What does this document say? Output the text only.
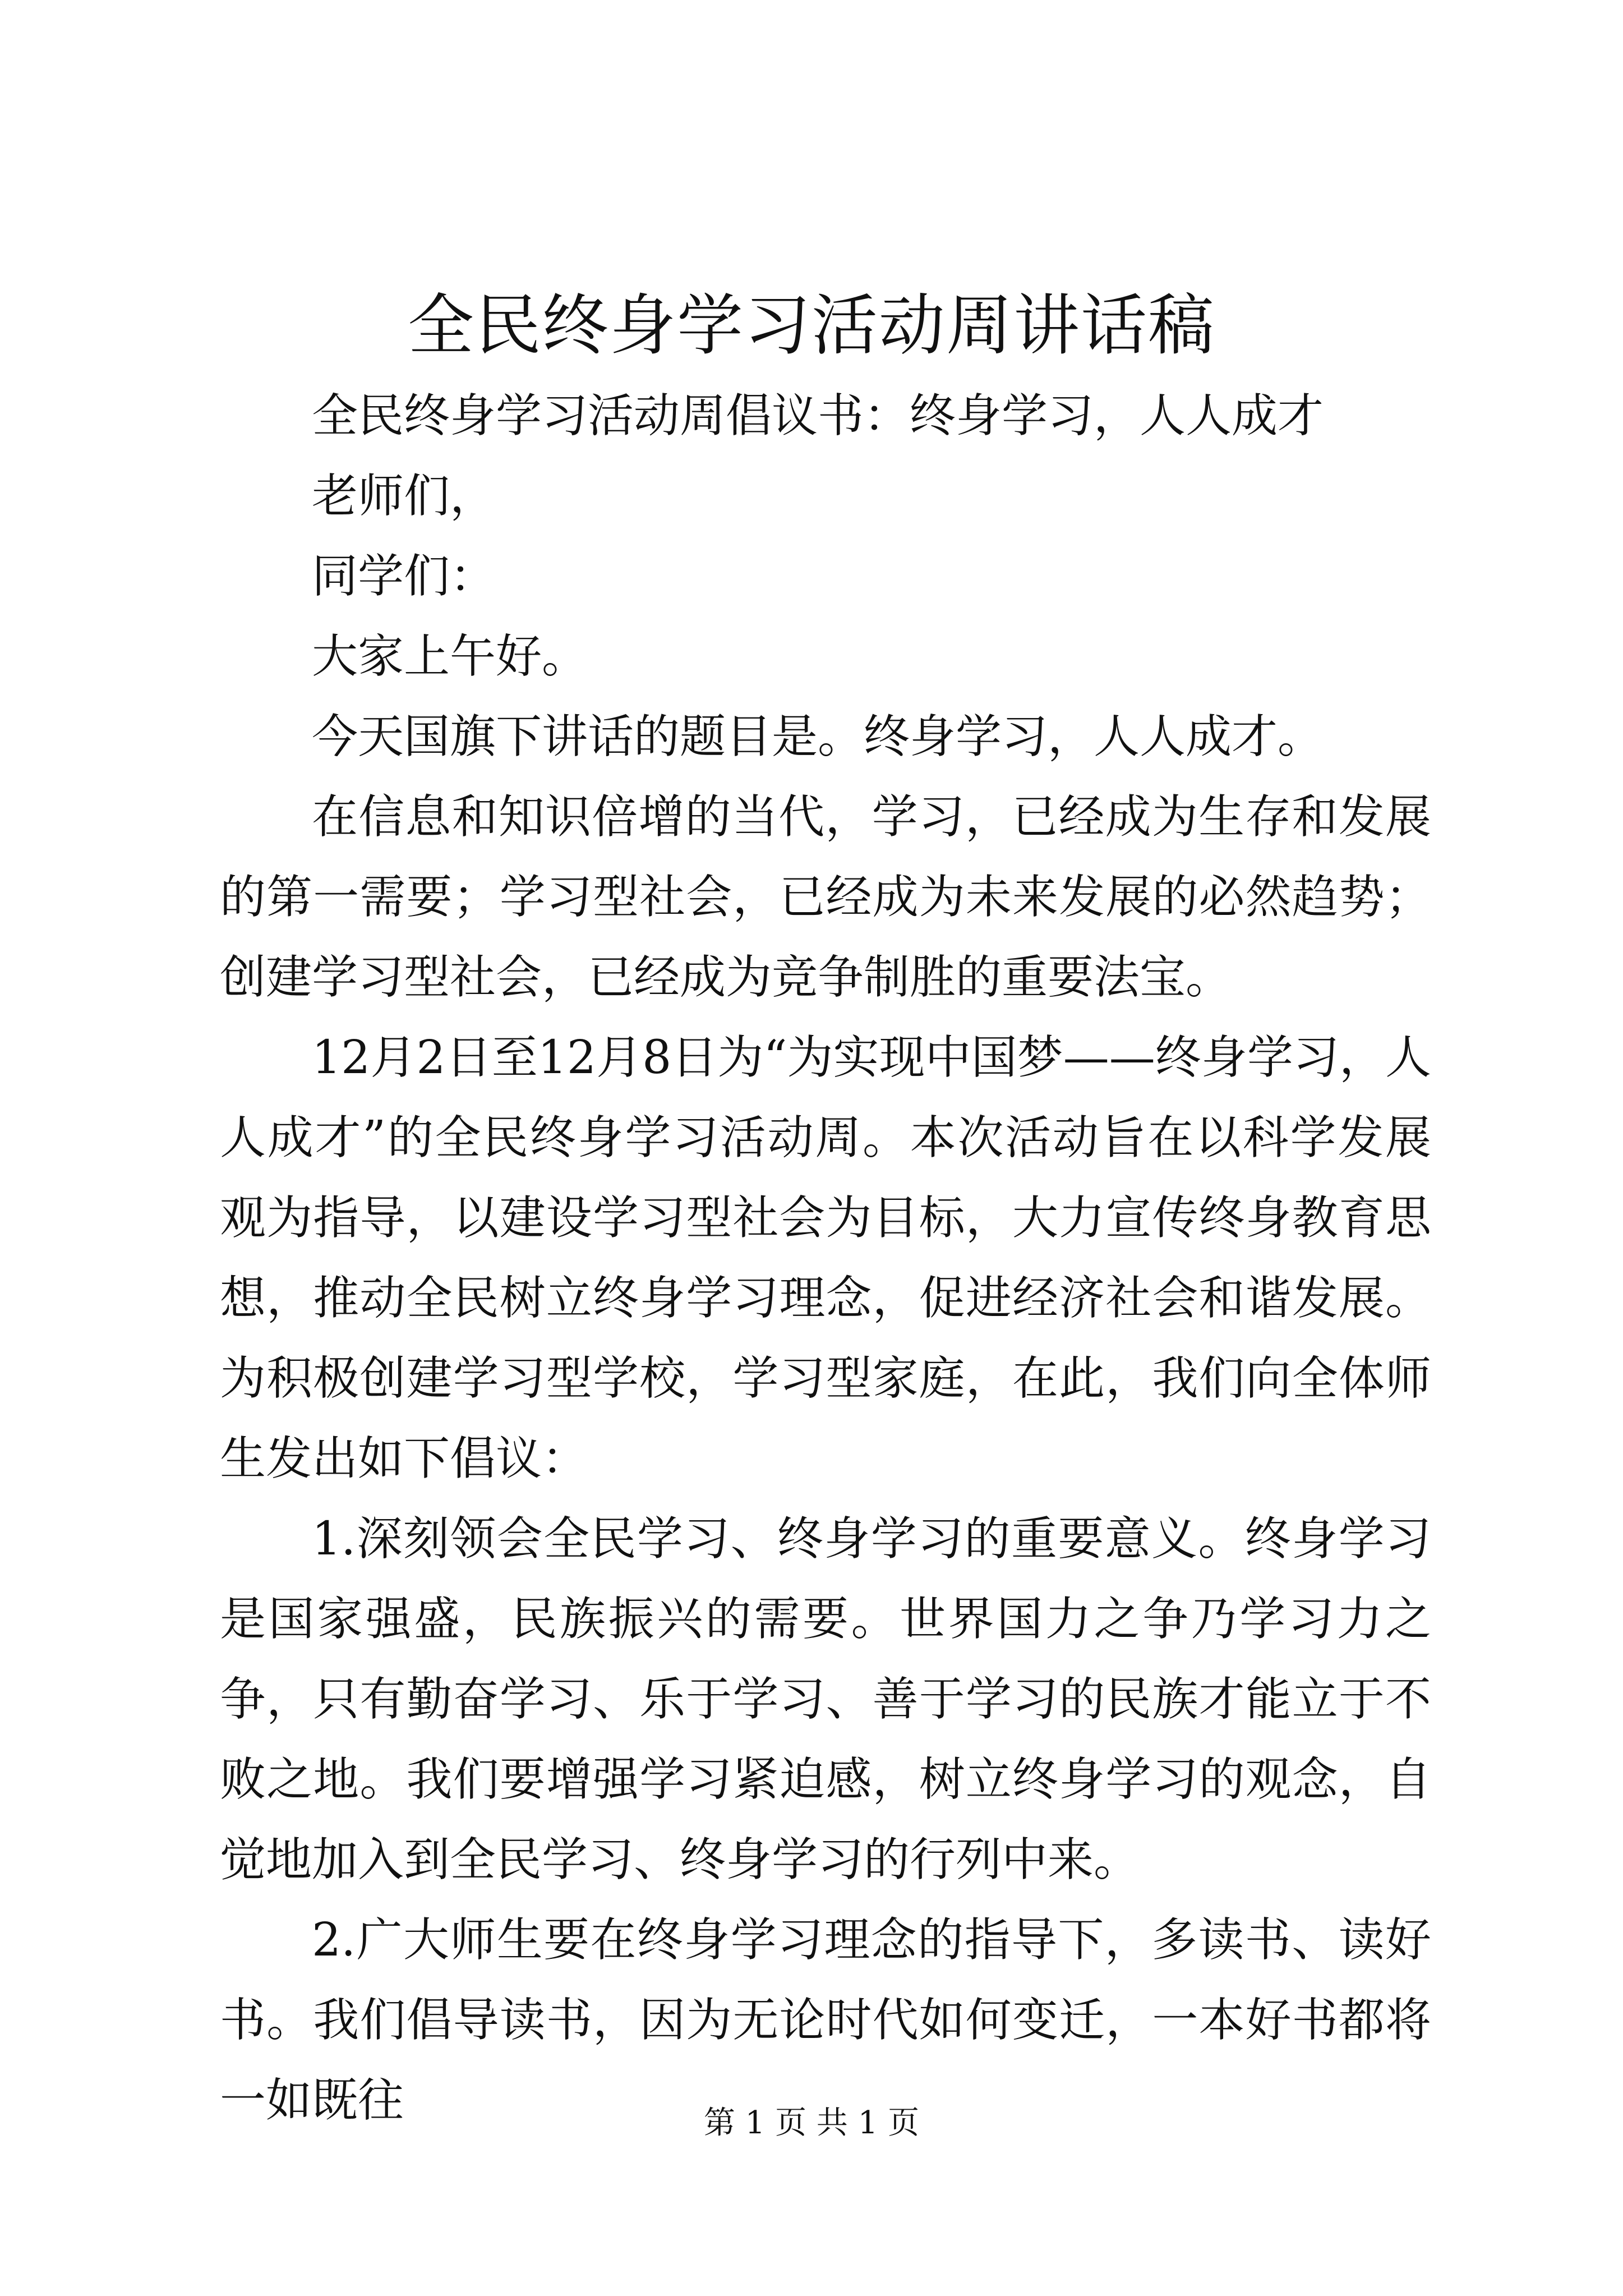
全民终身学习活动周讲话稿

全民终身学习活动周倡议书：终身学习，人人成才

老师们，

同学们：

大家上午好。

今天国旗下讲话的题目是。终身学习，人人成才。

在信息和知识倍增的当代，学习，已经成为生存和发展的第一需要；学习型社会，已经成为未来发展的必然趋势；创建学习型社会，已经成为竞争制胜的重要法宝。

12月2日至12月8日为“为实现中国梦——终身学习，人人成才”的全民终身学习活动周。本次活动旨在以科学发展观为指导，以建设学习型社会为目标，大力宣传终身教育思想，推动全民树立终身学习理念，促进经济社会和谐发展。为积极创建学习型学校，学习型家庭，在此，我们向全体师生发出如下倡议：

1.深刻领会全民学习、终身学习的重要意义。终身学习是国家强盛，民族振兴的需要。世界国力之争乃学习力之争，只有勤奋学习、乐于学习、善于学习的民族才能立于不败之地。我们要增强学习紧迫感，树立终身学习的观念，自觉地加入到全民学习、终身学习的行列中来。

2.广大师生要在终身学习理念的指导下，多读书、读好书。我们倡导读书，因为无论时代如何变迁，一本好书都将一如既往	第 1 页 共 1 页
